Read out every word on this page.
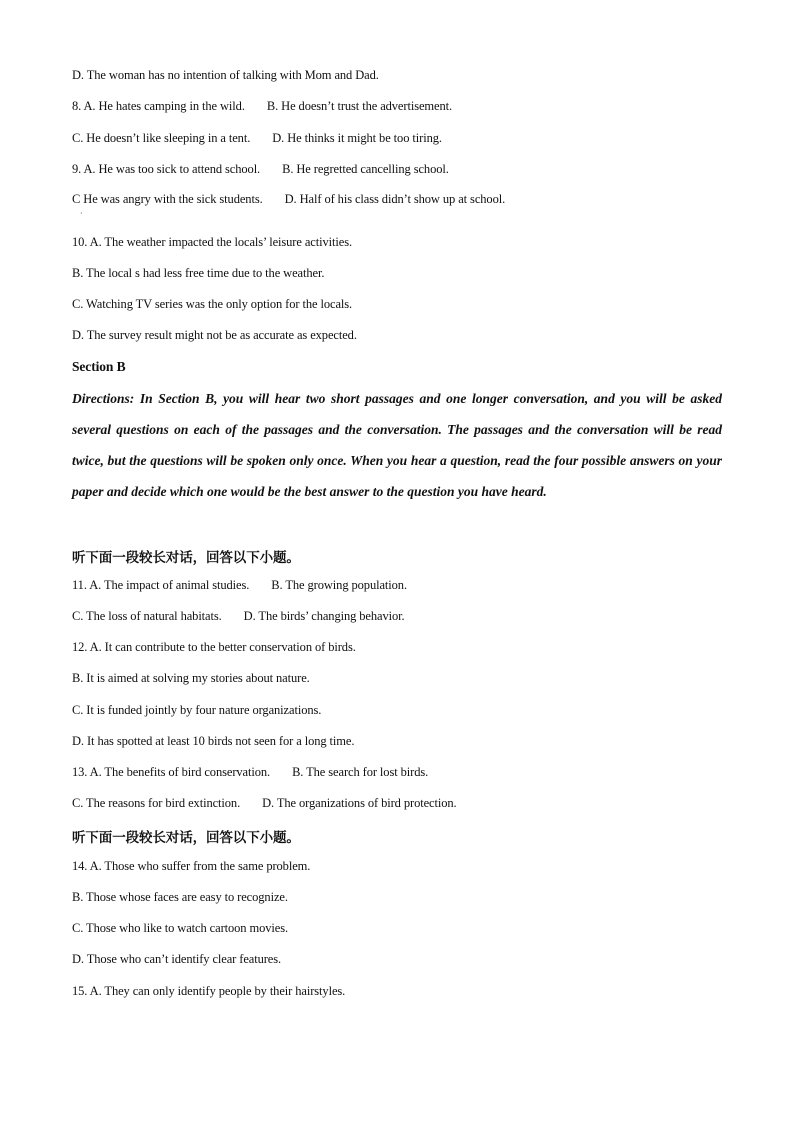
D. The woman has no intention of talking with Mom and Dad.
8. A. He hates camping in the wild. B. He doesn’t trust the advertisement.
C. He doesn’t like sleeping in a tent. D. He thinks it might be too tiring.
9. A. He was too sick to attend school. B. He regretted cancelling school.
C He was angry with the sick students. D. Half of his class didn’t show up at school.
·
10. A. The weather impacted the locals’ leisure activities.
B. The local s had less free time due to the weather.
C. Watching TV series was the only option for the locals.
D. The survey result might not be as accurate as expected.
Section B
Directions: In Section B, you will hear two short passages and one longer conversation, and you will be asked several questions on each of the passages and the conversation. The passages and the conversation will be read twice, but the questions will be spoken only once. When you hear a question, read the four possible answers on your paper and decide which one would be the best answer to the question you have heard.
听下面一段较长对话，回答以下小题。
11. A. The impact of animal studies. B. The growing population.
C. The loss of natural habitats. D. The birds’ changing behavior.
12. A. It can contribute to the better conservation of birds.
B. It is aimed at solving my stories about nature.
C. It is funded jointly by four nature organizations.
D. It has spotted at least 10 birds not seen for a long time.
13. A. The benefits of bird conservation. B. The search for lost birds.
C. The reasons for bird extinction. D. The organizations of bird protection.
听下面一段较长对话，回答以下小题。
14. A. Those who suffer from the same problem.
B. Those whose faces are easy to recognize.
C. Those who like to watch cartoon movies.
D. Those who can’t identify clear features.
15. A. They can only identify people by their hairstyles.
